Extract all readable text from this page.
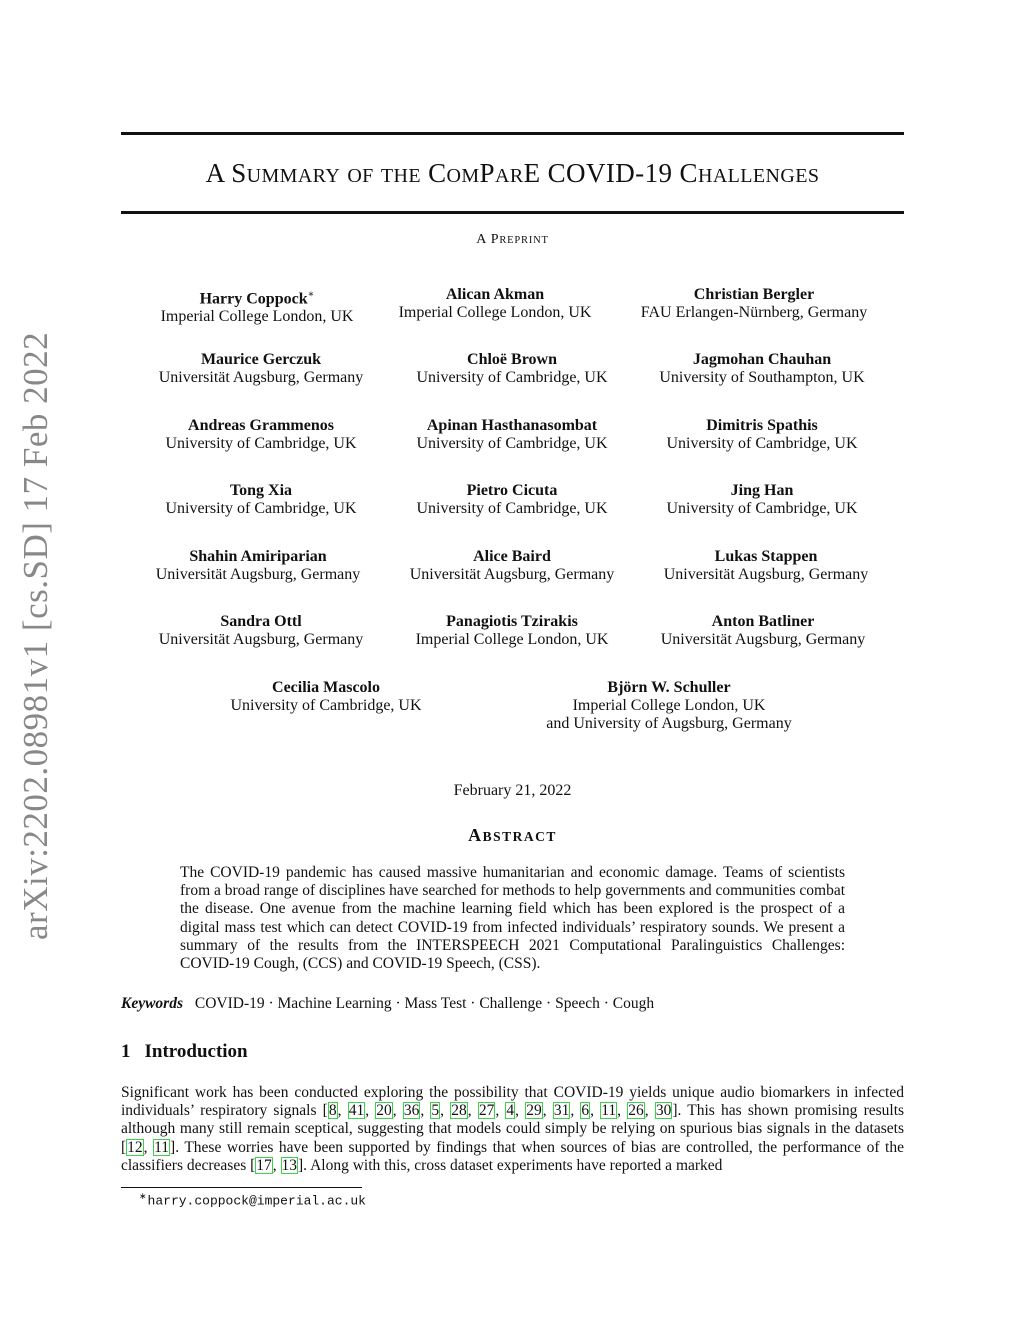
arXiv:2202.08981v1 [cs.SD] 17 Feb 2022
A SUMMARY OF THE COMPARE COVID-19 CHALLENGES
A PREPRINT
Harry Coppock∗
Imperial College London, UK
Alican Akman
Imperial College London, UK
Christian Bergler
FAU Erlangen-Nürnberg, Germany
Maurice Gerczuk
Universität Augsburg, Germany
Chloë Brown
University of Cambridge, UK
Jagmohan Chauhan
University of Southampton, UK
Andreas Grammenos
University of Cambridge, UK
Apinan Hasthanasombat
University of Cambridge, UK
Dimitris Spathis
University of Cambridge, UK
Tong Xia
University of Cambridge, UK
Pietro Cicuta
University of Cambridge, UK
Jing Han
University of Cambridge, UK
Shahin Amiriparian
Universität Augsburg, Germany
Alice Baird
Universität Augsburg, Germany
Lukas Stappen
Universität Augsburg, Germany
Sandra Ottl
Universität Augsburg, Germany
Panagiotis Tzirakis
Imperial College London, UK
Anton Batliner
Universität Augsburg, Germany
Cecilia Mascolo
University of Cambridge, UK
Björn W. Schuller
Imperial College London, UK
and University of Augsburg, Germany
February 21, 2022
ABSTRACT

The COVID-19 pandemic has caused massive humanitarian and economic damage. Teams of scientists from a broad range of disciplines have searched for methods to help governments and communities combat the disease. One avenue from the machine learning field which has been explored is the prospect of a digital mass test which can detect COVID-19 from infected individuals’ respiratory sounds. We present a summary of the results from the INTERSPEECH 2021 Computational Paralinguistics Challenges: COVID-19 Cough, (CCS) and COVID-19 Speech, (CSS).

Keywords COVID-19 · Machine Learning · Mass Test · Challenge · Speech · Cough
1 Introduction

Significant work has been conducted exploring the possibility that COVID-19 yields unique audio biomarkers in infected individuals’ respiratory signals [8, 41, 20, 36, 5, 28, 27, 4, 29, 31, 6, 11, 26, 30]. This has shown promising results although many still remain sceptical, suggesting that models could simply be relying on spurious bias signals in the datasets [12, 11]. These worries have been supported by findings that when sources of bias are controlled, the performance of the classifiers decreases [17, 13]. Along with this, cross dataset experiments have reported a marked

∗harry.coppock@imperial.ac.uk
